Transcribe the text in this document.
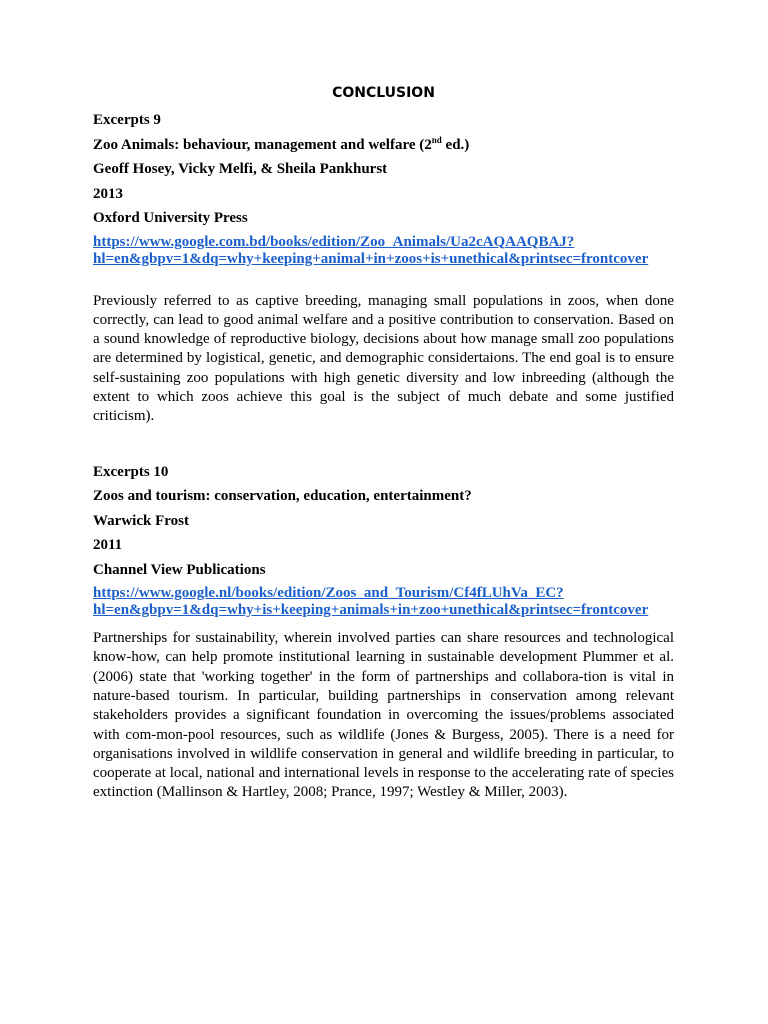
CONCLUSION

Excerpts 9

Zoo Animals: behaviour, management and welfare (2nd ed.)

Geoff Hosey, Vicky Melfi, & Sheila Pankhurst

2013

Oxford University Press

https://www.google.com.bd/books/edition/Zoo_Animals/Ua2cAQAAQBAJ?
hl=en&gbpv=1&dq=why+keeping+animal+in+zoos+is+unethical&printsec=frontcover

Previously referred to as captive breeding, managing small populations in zoos, when done correctly, can lead to good animal welfare and a positive contribution to conservation. Based on a sound knowledge of reproductive biology, decisions about how manage small zoo populations are determined by logistical, genetic, and demographic considertaions. The end goal is to ensure self-sustaining zoo populations with high genetic diversity and low inbreeding (although the extent to which zoos achieve this goal is the subject of much debate and some justified criticism).

Excerpts 10

Zoos and tourism: conservation, education, entertainment?

Warwick Frost

2011

Channel View Publications

https://www.google.nl/books/edition/Zoos_and_Tourism/Cf4fLUhVa_EC?
hl=en&gbpv=1&dq=why+is+keeping+animals+in+zoo+unethical&printsec=frontcover

Partnerships for sustainability, wherein involved parties can share resources and technological know-how, can help promote institutional learning in sustainable development Plummer et al. (2006) state that 'working together' in the form of partnerships and collabora-tion is vital in nature-based tourism. In particular, building partnerships in conservation among relevant stakeholders provides a significant foundation in overcoming the issues/problems associated with com-mon-pool resources, such as wildlife (Jones & Burgess, 2005). There is a need for organisations involved in wildlife conservation in general and wildlife breeding in particular, to cooperate at local, national and international levels in response to the accelerating rate of species extinction (Mallinson & Hartley, 2008; Prance, 1997; Westley & Miller, 2003).
